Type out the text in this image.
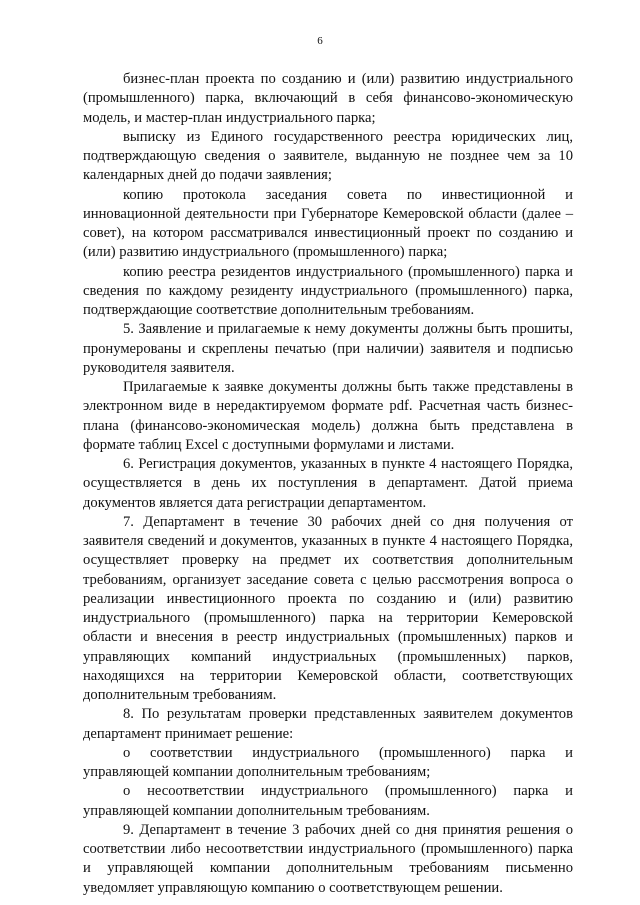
6

бизнес-план проекта по созданию и (или) развитию индустриального (промышленного) парка, включающий в себя финансово-экономическую модель, и мастер-план индустриального парка;

выписку из Единого государственного реестра юридических лиц, подтверждающую сведения о заявителе, выданную не позднее чем за 10 календарных дней до подачи заявления;

копию протокола заседания совета по инвестиционной и инновационной деятельности при Губернаторе Кемеровской области (далее – совет), на котором рассматривался инвестиционный проект по созданию и (или) развитию индустриального (промышленного) парка;

копию реестра резидентов индустриального (промышленного) парка и сведения по каждому резиденту индустриального (промышленного) парка, подтверждающие соответствие дополнительным требованиям.

5. Заявление и прилагаемые к нему документы должны быть прошиты, пронумерованы и скреплены печатью (при наличии) заявителя и подписью руководителя заявителя.

Прилагаемые к заявке документы должны быть также представлены в электронном виде в нередактируемом формате pdf. Расчетная часть бизнес-плана (финансово-экономическая модель) должна быть представлена в формате таблиц Excel с доступными формулами и листами.

6. Регистрация документов, указанных в пункте 4 настоящего Порядка, осуществляется в день их поступления в департамент. Датой приема документов является дата регистрации департаментом.

7. Департамент в течение 30 рабочих дней со дня получения от заявителя сведений и документов, указанных в пункте 4 настоящего Порядка, осуществляет проверку на предмет их соответствия дополнительным требованиям, организует заседание совета с целью рассмотрения вопроса о реализации инвестиционного проекта по созданию и (или) развитию индустриального (промышленного) парка на территории Кемеровской области и внесения в реестр индустриальных (промышленных) парков и управляющих компаний индустриальных (промышленных) парков, находящихся на территории Кемеровской области, соответствующих дополнительным требованиям.

8. По результатам проверки представленных заявителем документов департамент принимает решение:

о соответствии индустриального (промышленного) парка и управляющей компании дополнительным требованиям;

о несоответствии индустриального (промышленного) парка и управляющей компании дополнительным требованиям.

9. Департамент в течение 3 рабочих дней со дня принятия решения о соответствии либо несоответствии индустриального (промышленного) парка и управляющей компании дополнительным требованиям письменно уведомляет управляющую компанию о соответствующем решении.
